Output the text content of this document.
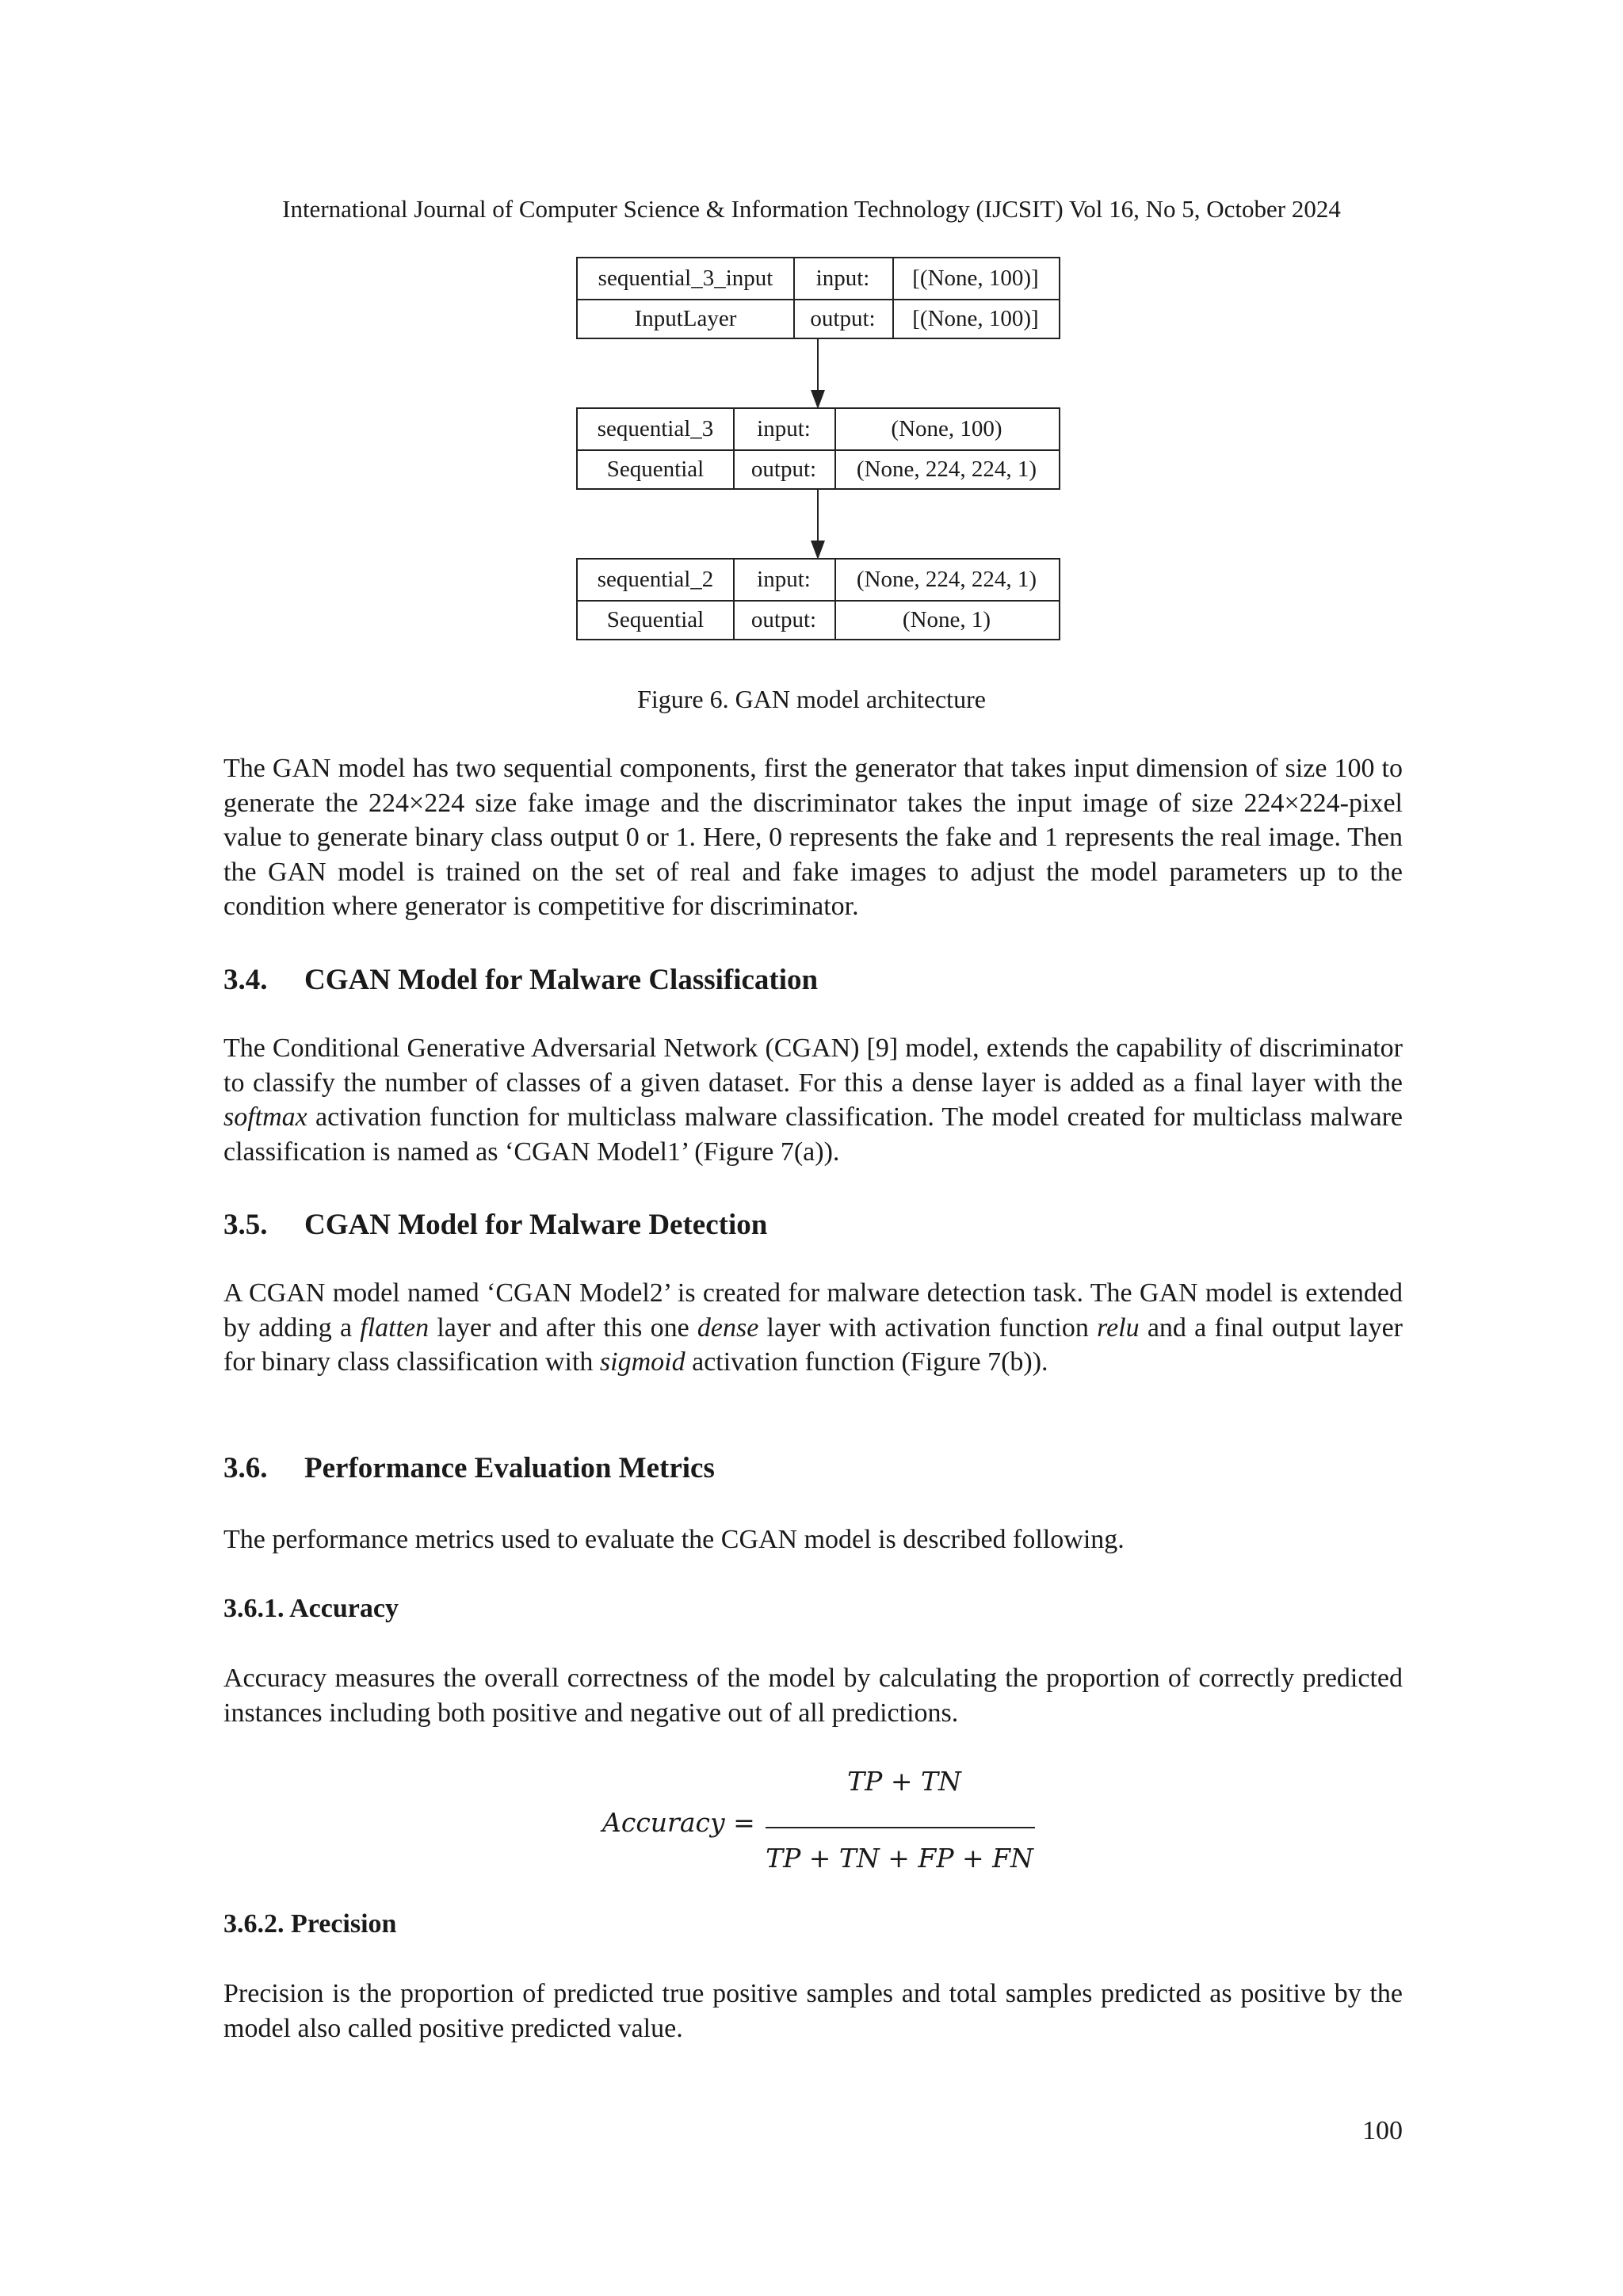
International Journal of Computer Science & Information Technology (IJCSIT) Vol 16, No 5, October 2024
sequential_3_input
InputLayer
input:
output:
[(None, 100)]
[(None, 100)]
sequential_3
Sequential
input:
output:
(None, 100)
(None, 224, 224, 1)
sequential_2
Sequential
input:
output:
(None, 224, 224, 1)
(None, 1)
Figure 6. GAN model architecture

The GAN model has two sequential components, first the generator that takes input dimension of size 100 to generate the 224×224 size fake image and the discriminator takes the input image of size 224×224-pixel value to generate binary class output 0 or 1. Here, 0 represents the fake and 1 represents the real image. Then the GAN model is trained on the set of real and fake images to adjust the model parameters up to the condition where generator is competitive for discriminator.

3.4. CGAN Model for Malware Classification

The Conditional Generative Adversarial Network (CGAN) [9] model, extends the capability of discriminator to classify the number of classes of a given dataset. For this a dense layer is added as a final layer with the softmax activation function for multiclass malware classification. The model created for multiclass malware classification is named as ‘CGAN Model1’ (Figure 7(a)).

3.5. CGAN Model for Malware Detection

A CGAN model named ‘CGAN Model2’ is created for malware detection task. The GAN model is extended by adding a flatten layer and after this one dense layer with activation function relu and a final output layer for binary class classification with sigmoid activation function (Figure 7(b)).

3.6. Performance Evaluation Metrics

The performance metrics used to evaluate the CGAN model is described following.

3.6.1. Accuracy

Accuracy measures the overall correctness of the model by calculating the proportion of correctly predicted instances including both positive and negative out of all predictions.

Accuracy =
TP + TN
TP + TN + FP + FN
3.6.2. Precision

Precision is the proportion of predicted true positive samples and total samples predicted as positive by the model also called positive predicted value.

100
